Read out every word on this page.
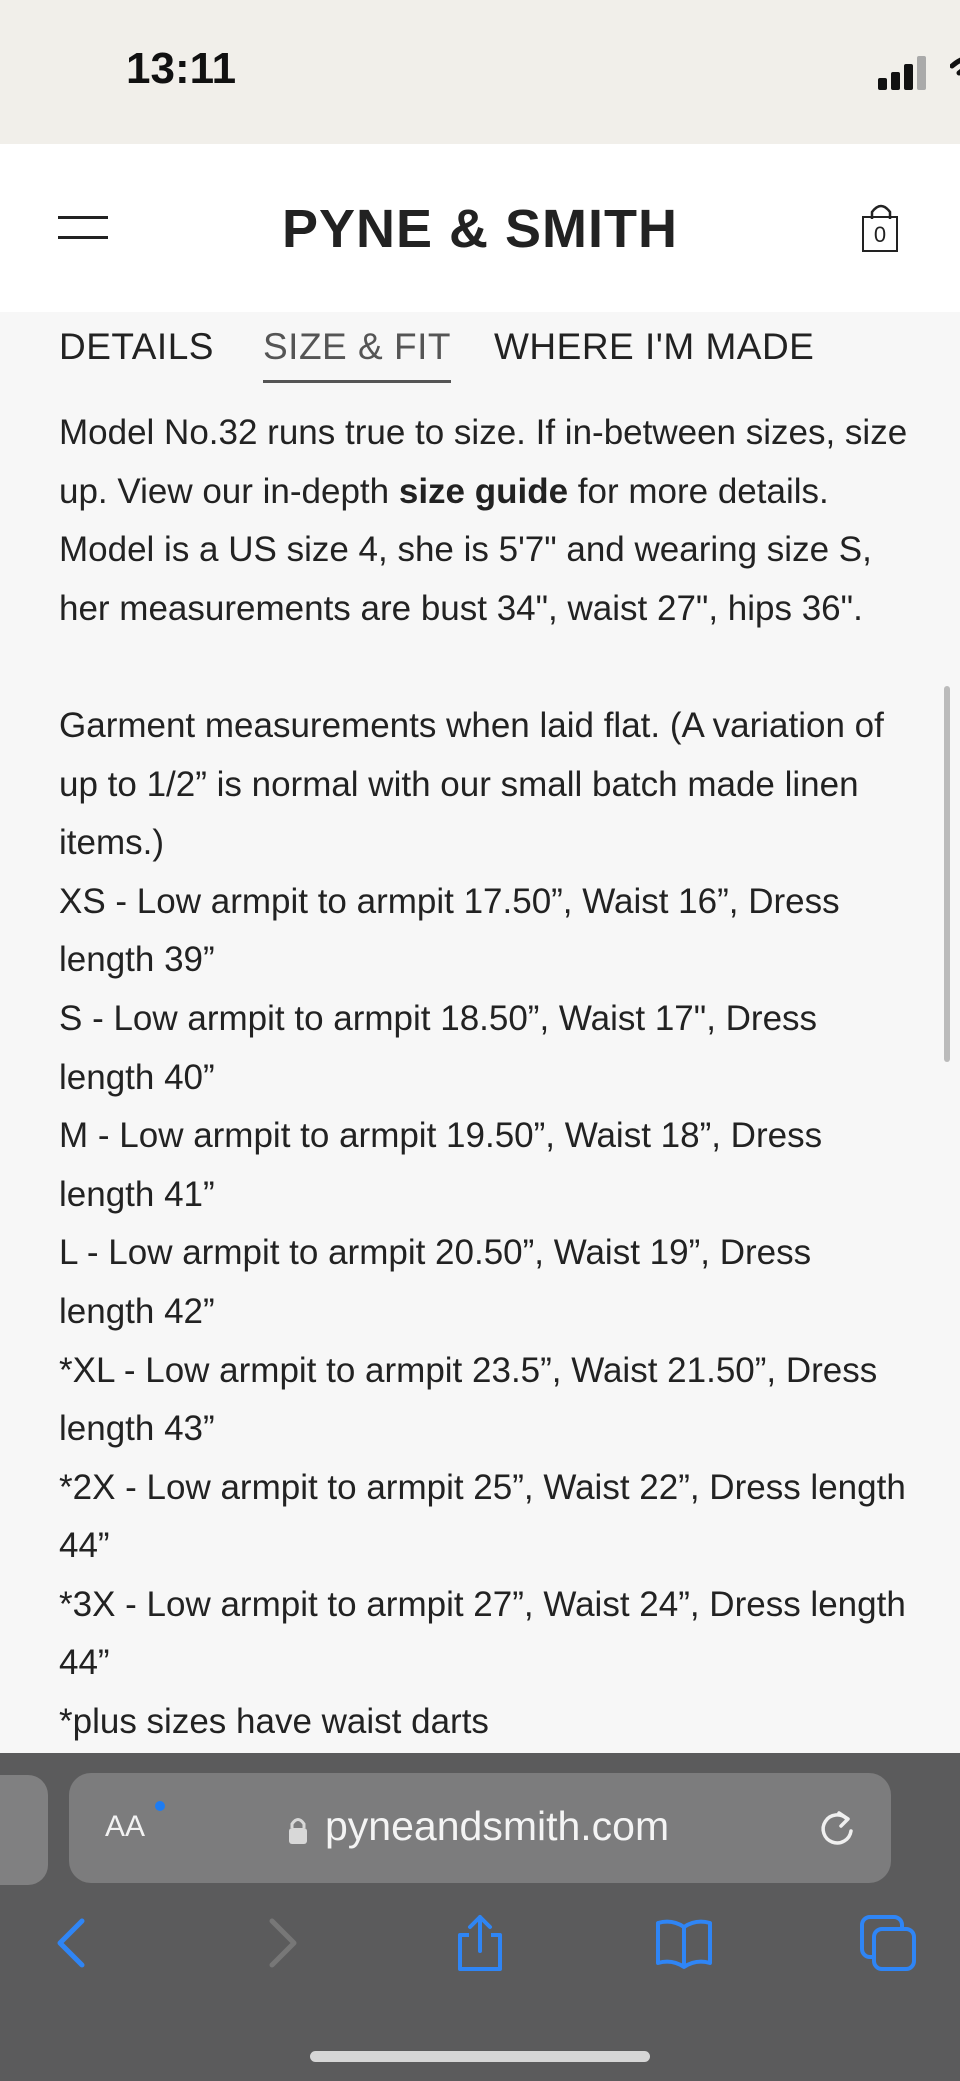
13:11
PYNE & SMITH	0
DETAILS SIZE & FIT WHERE I'M MADE

Model No.32 runs true to size. If in-between sizes, size up. View our in-depth size guide for more details.

Model is a US size 4, she is 5'7" and wearing size S, her measurements are bust 34", waist 27", hips 36".

Garment measurements when laid flat. (A variation of up to 1/2” is normal with our small batch made linen items.)

XS - Low armpit to armpit 17.50”, Waist 16”, Dress length 39”

S - Low armpit to armpit 18.50”, Waist 17", Dress length 40”

M - Low armpit to armpit 19.50”, Waist 18”, Dress length 41”

L - Low armpit to armpit 20.50”, Waist 19”, Dress length 42”

*XL - Low armpit to armpit 23.5”, Waist 21.50”, Dress length 43”

*2X - Low armpit to armpit 25”, Waist 22”, Dress length 44”

*3X - Low armpit to armpit 27”, Waist 24”, Dress length 44”

*plus sizes have waist darts

AA	pyneandsmith.com
